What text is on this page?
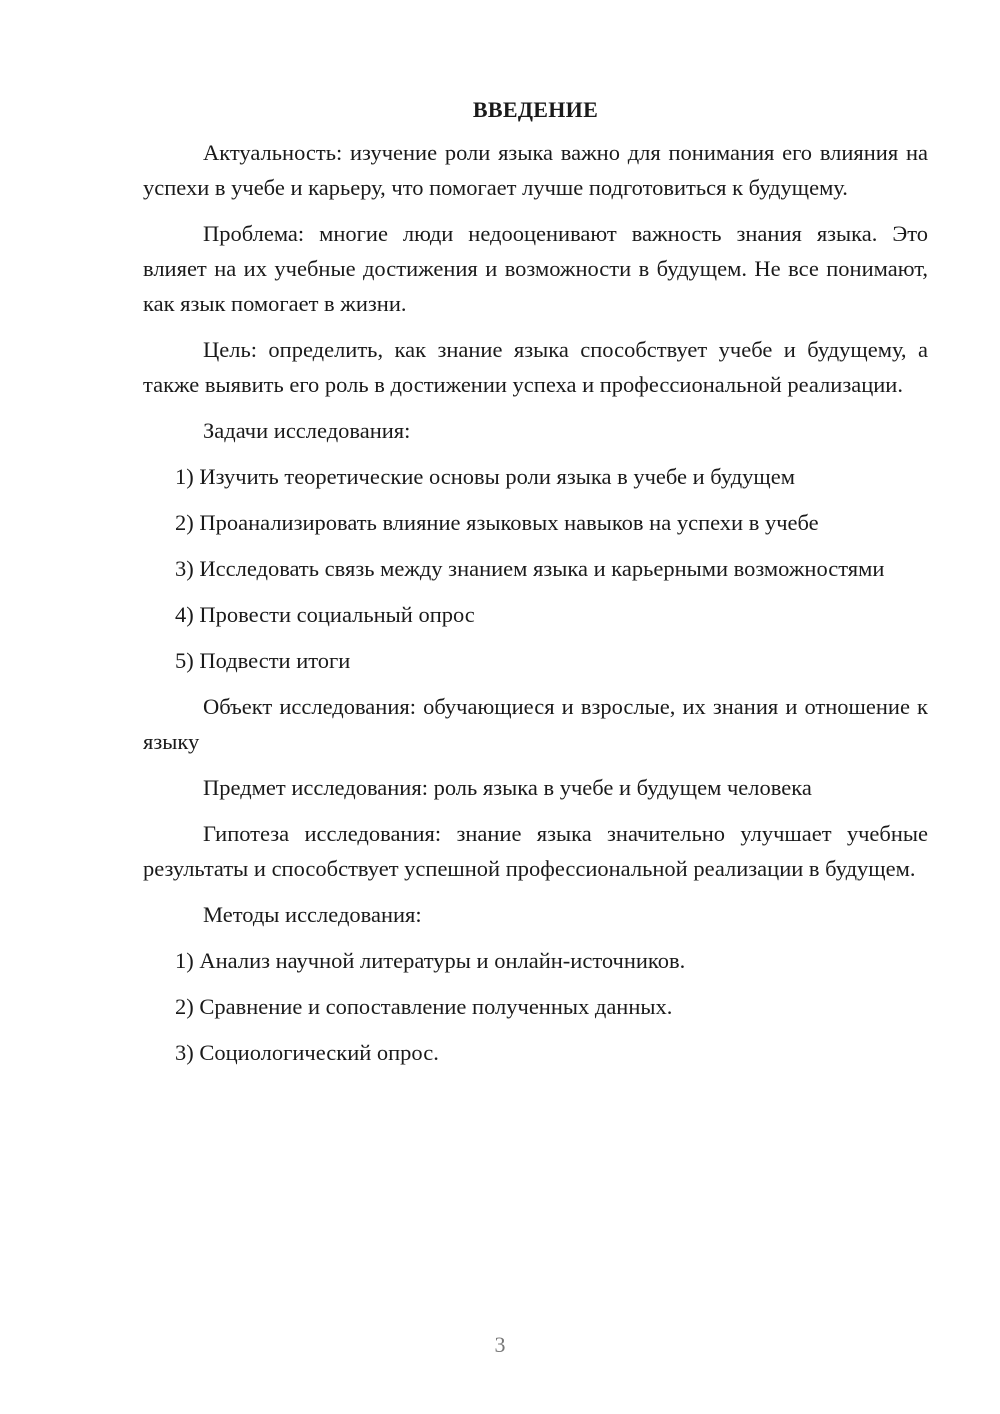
ВВЕДЕНИЕ

Актуальность: изучение роли языка важно для понимания его влияния на успехи в учебе и карьеру, что помогает лучше подготовиться к будущему.

Проблема: многие люди недооценивают важность знания языка. Это влияет на их учебные достижения и возможности в будущем. Не все понимают, как язык помогает в жизни.

Цель: определить, как знание языка способствует учебе и будущему, а также выявить его роль в достижении успеха и профессиональной реализации.

Задачи исследования:

1) Изучить теоретические основы роли языка в учебе и будущем

2) Проанализировать влияние языковых навыков на успехи в учебе

3) Исследовать связь между знанием языка и карьерными возможностями

4) Провести социальный опрос

5) Подвести итоги

Объект исследования: обучающиеся и взрослые, их знания и отношение к языку

Предмет исследования: роль языка в учебе и будущем человека

Гипотеза исследования: знание языка значительно улучшает учебные результаты и способствует успешной профессиональной реализации в будущем.

Методы исследования:

1) Анализ научной литературы и онлайн-источников.

2) Сравнение и сопоставление полученных данных.

3) Социологический опрос.

3
